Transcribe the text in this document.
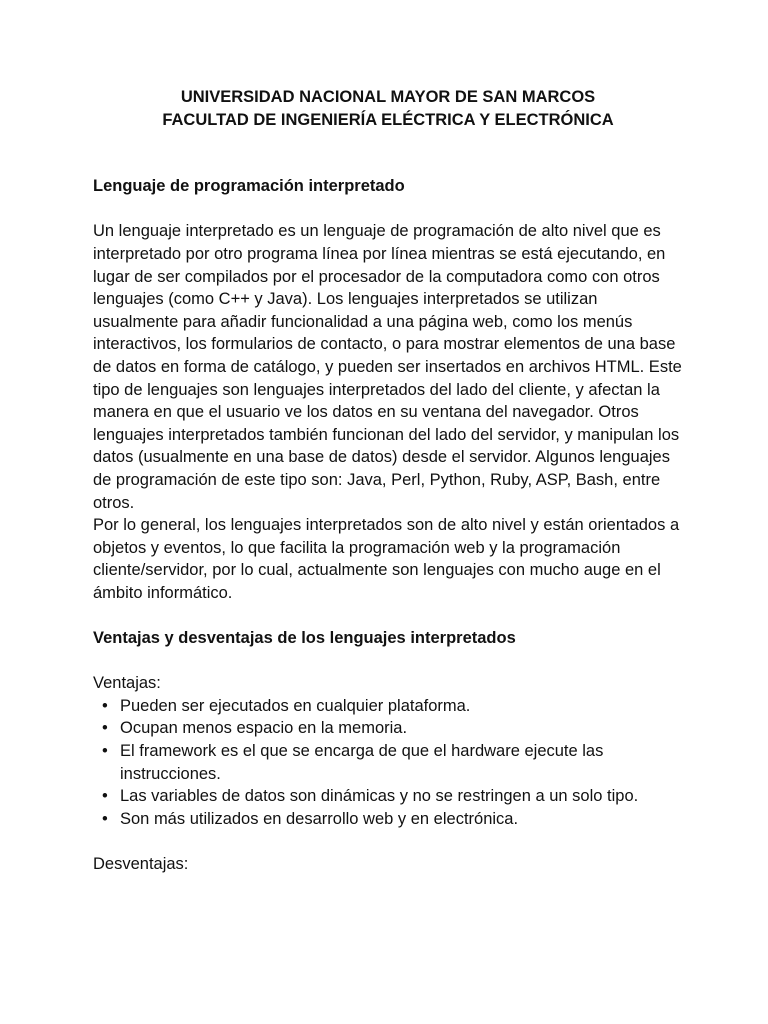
UNIVERSIDAD NACIONAL MAYOR DE SAN MARCOS
FACULTAD DE INGENIERÍA ELÉCTRICA Y ELECTRÓNICA
Lenguaje de programación interpretado

Un lenguaje interpretado es un lenguaje de programación de alto nivel que es interpretado por otro programa línea por línea mientras se está ejecutando, en lugar de ser compilados por el procesador de la computadora como con otros lenguajes (como C++ y Java). Los lenguajes interpretados se utilizan usualmente para añadir funcionalidad a una página web, como los menús interactivos, los formularios de contacto, o para mostrar elementos de una base de datos en forma de catálogo, y pueden ser insertados en archivos HTML. Este tipo de lenguajes son lenguajes interpretados del lado del cliente, y afectan la manera en que el usuario ve los datos en su ventana del navegador. Otros lenguajes interpretados también funcionan del lado del servidor, y manipulan los datos (usualmente en una base de datos) desde el servidor. Algunos lenguajes de programación de este tipo son: Java, Perl, Python, Ruby, ASP, Bash, entre otros.

Por lo general, los lenguajes interpretados son de alto nivel y están orientados a objetos y eventos, lo que facilita la programación web y la programación cliente/servidor, por lo cual, actualmente son lenguajes con mucho auge en el ámbito informático.

Ventajas y desventajas de los lenguajes interpretados

Ventajas:

• Pueden ser ejecutados en cualquier plataforma.
• Ocupan menos espacio en la memoria.
• El framework es el que se encarga de que el hardware ejecute las instrucciones.
• Las variables de datos son dinámicas y no se restringen a un solo tipo.
• Son más utilizados en desarrollo web y en electrónica.

Desventajas:
